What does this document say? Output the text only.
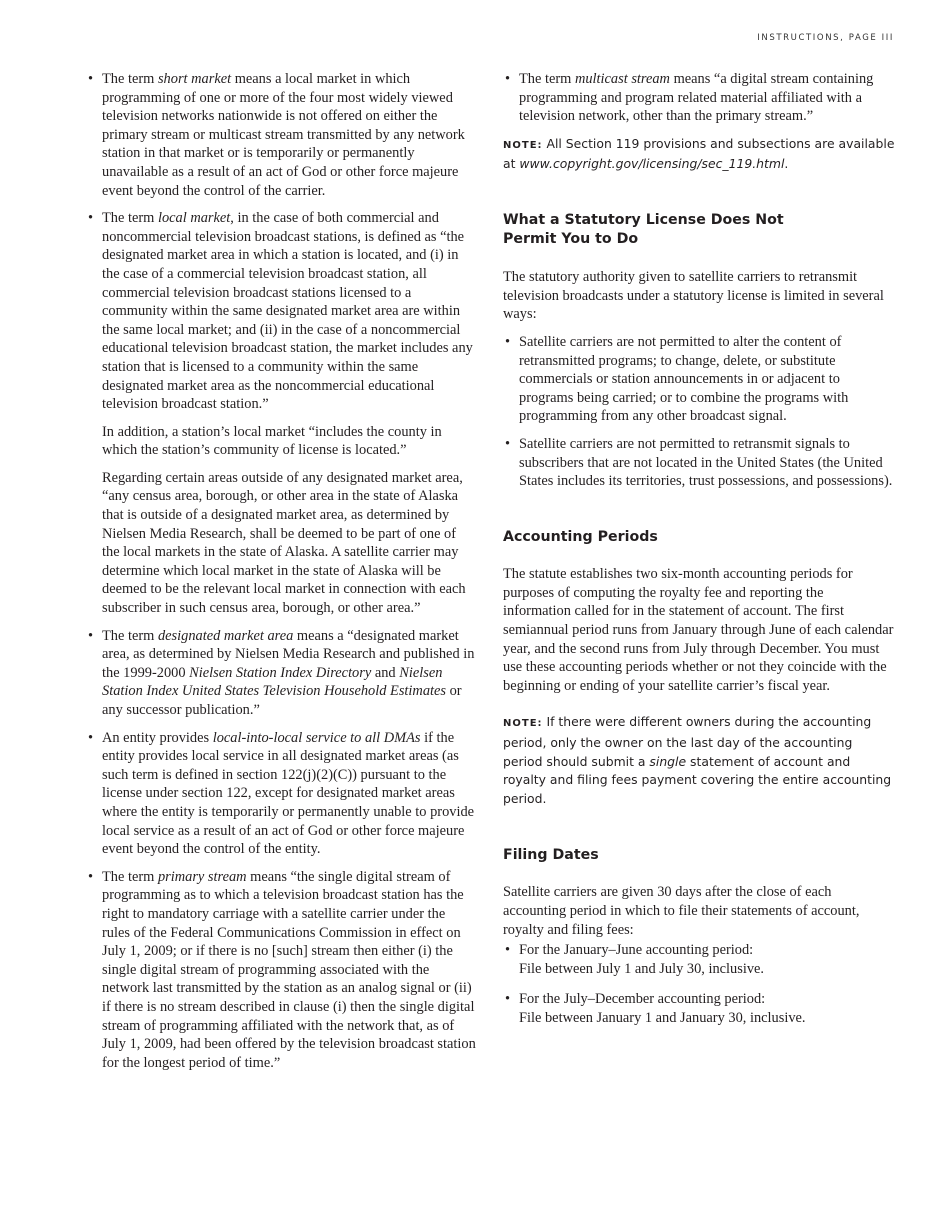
INSTRUCTIONS, PAGE III

• The term short market means a local market in which programming of one or more of the four most widely viewed television networks nationwide is not offered on either the primary stream or multicast stream transmitted by any network station in that market or is temporarily or permanently unavailable as a result of an act of God or other force majeure event beyond the control of the carrier.

• The term local market, in the case of both commercial and noncommercial television broadcast stations, is defined as “the designated market area in which a station is located, and (i) in the case of a commercial television broadcast station, all commercial television broadcast stations licensed to a community within the same designated market area are within the same local market; and (ii) in the case of a noncommercial educational television broadcast station, the market includes any station that is licensed to a community within the same designated market area as the noncommercial educational television broadcast station.”

In addition, a station’s local market “includes the county in which the station’s community of license is located.”

Regarding certain areas outside of any designated market area, “any census area, borough, or other area in the state of Alaska that is outside of a designated market area, as determined by Nielsen Media Research, shall be deemed to be part of one of the local markets in the state of Alaska. A satellite carrier may determine which local market in the state of Alaska will be deemed to be the relevant local market in connection with each subscriber in such census area, borough, or other area.”

• The term designated market area means a “designated market area, as determined by Nielsen Media Research and published in the 1999-2000 Nielsen Station Index Directory and Nielsen Station Index United States Television Household Estimates or any successor publication.”

• An entity provides local-into-local service to all DMAs if the entity provides local service in all designated market areas (as such term is defined in section 122(j)(2)(C)) pursuant to the license under section 122, except for designated market areas where the entity is temporarily or permanently unable to provide local service as a result of an act of God or other force majeure event beyond the control of the entity.

• The term primary stream means “the single digital stream of programming as to which a television broadcast station has the right to mandatory carriage with a satellite carrier under the rules of the Federal Communications Commission in effect on July 1, 2009; or if there is no [such] stream then either (i) the single digital stream of programming associated with the network last transmitted by the station as an analog signal or (ii) if there is no stream described in clause (i) then the single digital stream of programming affiliated with the network that, as of July 1, 2009, had been offered by the television broadcast station for the longest period of time.”

• The term multicast stream means “a digital stream containing programming and program related material affiliated with a television network, other than the primary stream.”

NOTE: All Section 119 provisions and subsections are available at www.copyright.gov/licensing/sec_119.html.

What a Statutory License Does Not Permit You to Do

The statutory authority given to satellite carriers to retransmit television broadcasts under a statutory license is limited in several ways:

• Satellite carriers are not permitted to alter the content of retransmitted programs; to change, delete, or substitute commercials or station announcements in or adjacent to programs being carried; or to combine the programs with programming from any other broadcast signal.
• Satellite carriers are not permitted to retransmit signals to subscribers that are not located in the United States (the United States includes its territories, trust possessions, and possessions).
Accounting Periods

The statute establishes two six-month accounting periods for purposes of computing the royalty fee and reporting the information called for in the statement of account. The first semiannual period runs from January through June of each calendar year, and the second runs from July through December. You must use these accounting periods whether or not they coincide with the beginning or ending of your satellite carrier’s fiscal year.

NOTE: If there were different owners during the accounting period, only the owner on the last day of the accounting period should submit a single statement of account and royalty and filing fees payment covering the entire accounting period.

Filing Dates

Satellite carriers are given 30 days after the close of each accounting period in which to file their statements of account, royalty and filing fees:

• For the January–June accounting period:
File between July 1 and July 30, inclusive.
• For the July–December accounting period:
File between January 1 and January 30, inclusive.
